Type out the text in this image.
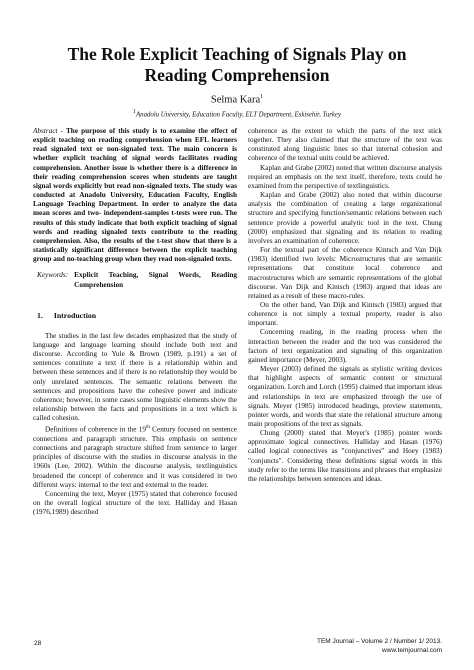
The Role Explicit Teaching of Signals Play on Reading Comprehension
Selma Kara$^1$
$^1$Anadolu University, Education Faculty, ELT Department, Eskisehir, Turkey

Abstract - The purpose of this study is to examine the effect of explicit teaching on reading comprehension when EFL learners read signaled text or non-signaled text. The main concern is whether explicit teaching of signal words facilitates reading comprehension. Another issue is whether there is a difference in their reading comprehension scores when students are taught signal words explicitly but read non-signaled texts. The study was conducted at Anadolu University, Education Faculty, English Language Teaching Department. In order to analyze the data mean scores and two- independent-samples t-tests were run. The results of this study indicate that both explicit teaching of signal words and reading signaled texts contribute to the reading comprehension. Also, the results of the t-test show that there is a statistically significant difference between the explicit teaching group and no-teaching group when they read non-signaled texts.

Keywords: Explicit Teaching, Signal Words, Reading Comprehension

1. Introduction

The studies in the last few decades emphasized that the study of language and language learning should include both text and discourse. According to Yule & Brown (1989, p.191) a set of sentences constitute a text if there is a relationship within and between these sentences and if there is no relationship they would be only unrelated sentences. The semantic relations between the sentences and propositions have the cohesive power and indicate coherence; however, in some cases some linguistic elements show the relationship between the facts and propositions in a text which is called cohesion.

Definitions of coherence in the 19th Century focused on sentence connections and paragraph structure. This emphasis on sentence connections and paragraph structure shifted from sentence to larger principles of discourse with the studies in discourse analysis in the 1960s (Lee, 2002). Within the discourse analysis, textlinguistics broadened the concept of coherence and it was considered in two different ways: internal to the text and external to the reader.

Concerning the text, Meyer (1975) stated that coherence focused on the overall logical structure of the text. Halliday and Hasan (1976,1989) described

coherence as the extent to which the parts of the text stick together. They also claimed that the structure of the text was constituted along linguistic lines so that internal cohesion and coherence of the textual units could be achieved.

Kaplan and Grabe (2002) noted that written discourse analysis required an emphasis on the text itself, therefore, texts could be examined from the perspective of textlinguistics.

Kaplan and Grabe (2002) also noted that within discourse analysis the combination of creating a large organizational structure and specifying function/semantic relations between each sentence provide a powerful analytic tool in the text. Chung (2000) emphasized that signaling and its relation to reading involves an examination of coherence.

For the textual part of the coherence Kintsch and Van Dijk (1983) identified two levels: Microstructures that are semantic representations that constitute local coherence and macrostructures which are semantic representations of the global discourse. Van Dijk and Kintsch (1983) argued that ideas are retained as a result of these macro-rules.

On the other hand, Van Dijk and Kintsch (1983) argued that coherence is not simply a textual property, reader is also important.

Concerning reading, in the reading process when the interaction between the reader and the text was considered the factors of text organization and signaling of this organization gained importance (Meyer, 2003).

Meyer (2003) defined the signals as stylistic writing devices that highlight aspects of semantic content or structural organization. Lorch and Lorch (1995) claimed that important ideas and relationships in text are emphasized through the use of signals. Meyer (1985) introduced headings, preview statements, pointer words, and words that state the relational structure among main propositions of the text as signals.

Chung (2000) stated that Meyer's (1985) pointer words approximate logical connectives. Halliday and Hasan (1976) called logical connectives as "conjunctives" and Hoey (1983) "conjuncts". Considering these definitions signal words in this study refer to the terms like transitions and phrases that emphasize the relationships between sentences and ideas.

28	TEM Journal – Volume 2 / Number 1/ 2013.
www.temjournal.com
